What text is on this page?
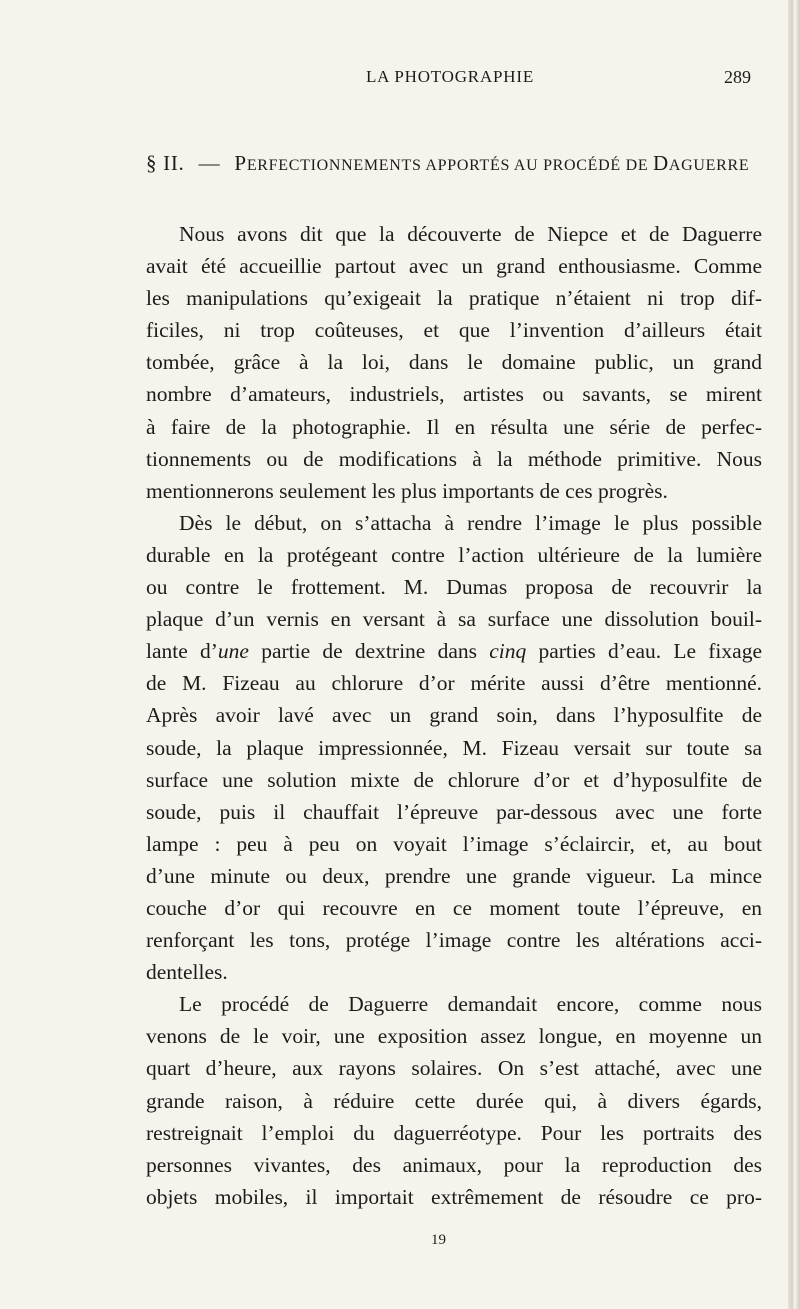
LA PHOTOGRAPHIE	289
§ II. — PERFECTIONNEMENTS APPORTÉS AU PROCÉDÉ DE DAGUERRE
Nous avons dit que la découverte de Niepce et de Daguerre
avait été accueillie partout avec un grand enthousiasme. Comme
les manipulations qu’exigeait la pratique n’étaient ni trop dif-
ficiles, ni trop coûteuses, et que l’invention d’ailleurs était
tombée, grâce à la loi, dans le domaine public, un grand
nombre d’amateurs, industriels, artistes ou savants, se mirent
à faire de la photographie. Il en résulta une série de perfec-
tionnements ou de modifications à la méthode primitive. Nous
mentionnerons seulement les plus importants de ces progrès.
Dès le début, on s’attacha à rendre l’image le plus possible
durable en la protégeant contre l’action ultérieure de la lumière
ou contre le frottement. M. Dumas proposa de recouvrir la
plaque d’un vernis en versant à sa surface une dissolution bouil-
lante d’une partie de dextrine dans cinq parties d’eau. Le fixage
de M. Fizeau au chlorure d’or mérite aussi d’être mentionné.
Après avoir lavé avec un grand soin, dans l’hyposulfite de
soude, la plaque impressionnée, M. Fizeau versait sur toute sa
surface une solution mixte de chlorure d’or et d’hyposulfite de
soude, puis il chauffait l’épreuve par-dessous avec une forte
lampe : peu à peu on voyait l’image s’éclaircir, et, au bout
d’une minute ou deux, prendre une grande vigueur. La mince
couche d’or qui recouvre en ce moment toute l’épreuve, en
renforçant les tons, protége l’image contre les altérations acci-
dentelles.
Le procédé de Daguerre demandait encore, comme nous
venons de le voir, une exposition assez longue, en moyenne un
quart d’heure, aux rayons solaires. On s’est attaché, avec une
grande raison, à réduire cette durée qui, à divers égards,
restreignait l’emploi du daguerréotype. Pour les portraits des
personnes vivantes, des animaux, pour la reproduction des
objets mobiles, il importait extrêmement de résoudre ce pro-
19
